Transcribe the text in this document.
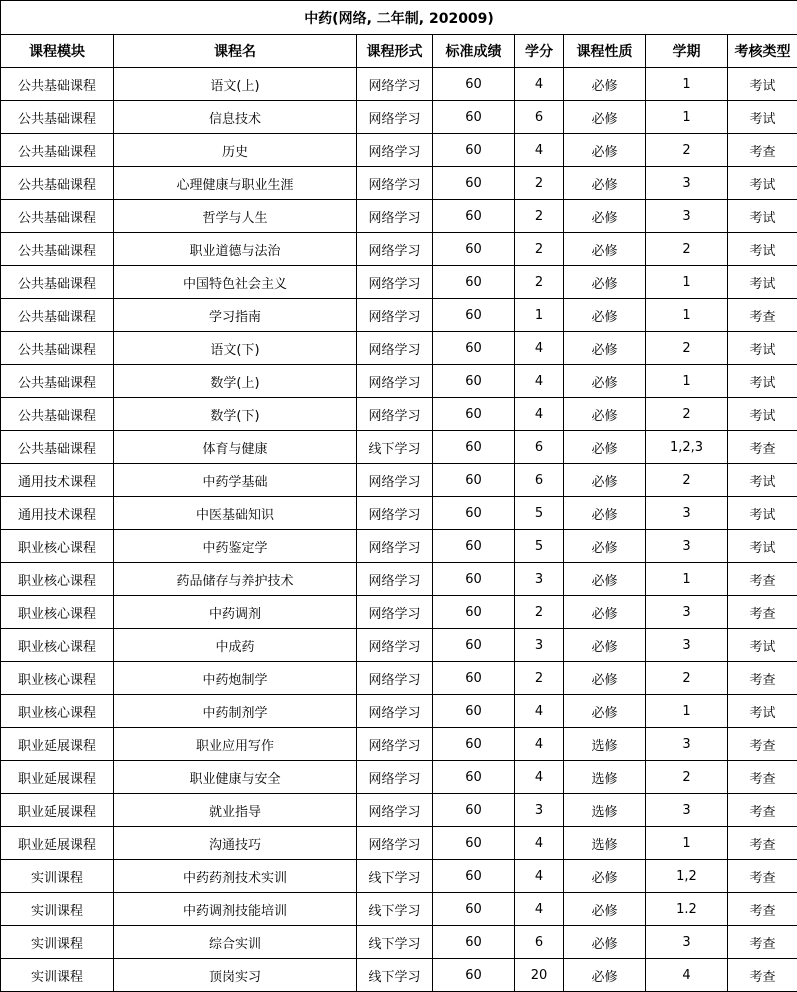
中药(网络, 二年制, 202009)							
课程模块	课程名	课程形式	标准成绩	学分	课程性质	学期	考核类型
公共基础课程	语文(上)	网络学习	60	4	必修	1	考试
公共基础课程	信息技术	网络学习	60	6	必修	1	考试
公共基础课程	历史	网络学习	60	4	必修	2	考查
公共基础课程	心理健康与职业生涯	网络学习	60	2	必修	3	考试
公共基础课程	哲学与人生	网络学习	60	2	必修	3	考试
公共基础课程	职业道德与法治	网络学习	60	2	必修	2	考试
公共基础课程	中国特色社会主义	网络学习	60	2	必修	1	考试
公共基础课程	学习指南	网络学习	60	1	必修	1	考查
公共基础课程	语文(下)	网络学习	60	4	必修	2	考试
公共基础课程	数学(上)	网络学习	60	4	必修	1	考试
公共基础课程	数学(下)	网络学习	60	4	必修	2	考试
公共基础课程	体育与健康	线下学习	60	6	必修	1,2,3	考查
通用技术课程	中药学基础	网络学习	60	6	必修	2	考试
通用技术课程	中医基础知识	网络学习	60	5	必修	3	考试
职业核心课程	中药鉴定学	网络学习	60	5	必修	3	考试
职业核心课程	药品储存与养护技术	网络学习	60	3	必修	1	考查
职业核心课程	中药调剂	网络学习	60	2	必修	3	考查
职业核心课程	中成药	网络学习	60	3	必修	3	考试
职业核心课程	中药炮制学	网络学习	60	2	必修	2	考查
职业核心课程	中药制剂学	网络学习	60	4	必修	1	考试
职业延展课程	职业应用写作	网络学习	60	4	选修	3	考查
职业延展课程	职业健康与安全	网络学习	60	4	选修	2	考查
职业延展课程	就业指导	网络学习	60	3	选修	3	考查
职业延展课程	沟通技巧	网络学习	60	4	选修	1	考查
实训课程	中药药剂技术实训	线下学习	60	4	必修	1,2	考查
实训课程	中药调剂技能培训	线下学习	60	4	必修	1.2	考查
实训课程	综合实训	线下学习	60	6	必修	3	考查
实训课程	顶岗实习	线下学习	60	20	必修	4	考查
